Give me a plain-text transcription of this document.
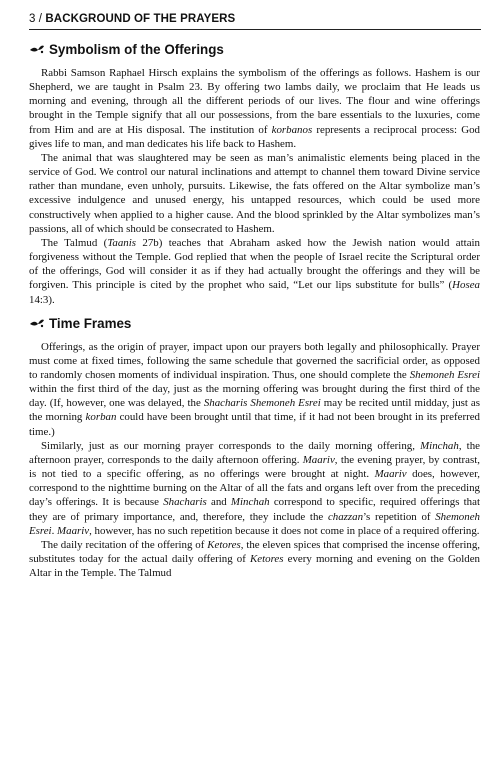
3 / BACKGROUND OF THE PRAYERS
Symbolism of the Offerings

Rabbi Samson Raphael Hirsch explains the symbolism of the offerings as follows. Hashem is our Shepherd, we are taught in Psalm 23. By offering two lambs daily, we proclaim that He leads us morning and evening, through all the different periods of our lives. The flour and wine offerings brought in the Temple signify that all our possessions, from the bare essentials to the luxuries, come from Him and are at His disposal. The institution of korbanos represents a reciprocal process: God gives life to man, and man dedicates his life back to Hashem.

The animal that was slaughtered may be seen as man’s animalistic elements being placed in the service of God. We control our natural inclinations and attempt to channel them toward Divine service rather than mundane, even unholy, pursuits. Likewise, the fats offered on the Altar symbolize man’s excessive indulgence and unused energy, his untapped resources, which could be used more constructively when applied to a higher cause. And the blood sprinkled by the Altar symbolizes man’s passions, all of which should be consecrated to Hashem.

The Talmud (Taanis 27b) teaches that Abraham asked how the Jewish nation would attain forgiveness without the Temple. God replied that when the people of Israel recite the Scriptural order of the offerings, God will consider it as if they had actually brought the offerings and they will be forgiven. This principle is cited by the prophet who said, “Let our lips substitute for bulls” (Hosea 14:3).

Time Frames

Offerings, as the origin of prayer, impact upon our prayers both legally and philosophically. Prayer must come at fixed times, following the same schedule that governed the sacrificial order, as opposed to randomly chosen moments of individual inspiration. Thus, one should complete the Shemoneh Esrei within the first third of the day, just as the morning offering was brought during the first third of the day. (If, however, one was delayed, the Shacharis Shemoneh Esrei may be recited until midday, just as the morning korban could have been brought until that time, if it had not been brought in its preferred time.)

Similarly, just as our morning prayer corresponds to the daily morning offering, Minchah, the afternoon prayer, corresponds to the daily afternoon offering. Maariv, the evening prayer, by contrast, is not tied to a specific offering, as no offerings were brought at night. Maariv does, however, correspond to the nighttime burning on the Altar of all the fats and organs left over from the preceding day’s offerings. It is because Shacharis and Minchah correspond to specific, required offerings that they are of primary importance, and, therefore, they include the chazzan’s repetition of Shemoneh Esrei. Maariv, however, has no such repetition because it does not come in place of a required offering.

The daily recitation of the offering of Ketores, the eleven spices that comprised the incense offering, substitutes today for the actual daily offering of Ketores every morning and evening on the Golden Altar in the Temple. The Talmud
